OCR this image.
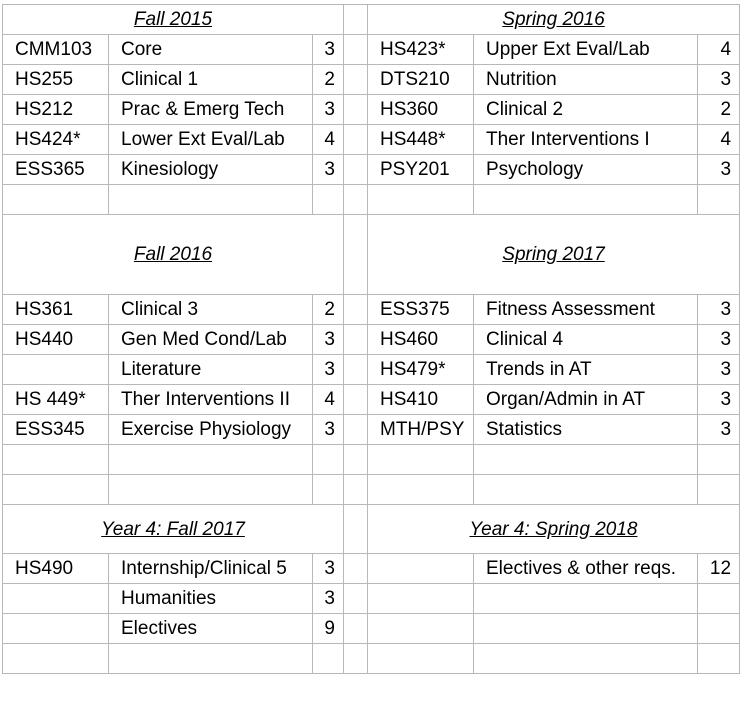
Fall 2015				Spring 2016		
CMM103	Core	3		HS423*	Upper Ext Eval/Lab	4
HS255	Clinical 1	2		DTS210	Nutrition	3
HS212	Prac & Emerg Tech	3		HS360	Clinical 2	2
HS424*	Lower Ext Eval/Lab	4		HS448*	Ther Interventions I	4
ESS365	Kinesiology	3		PSY201	Psychology	3

Fall 2016				Spring 2017		
HS361	Clinical 3	2		ESS375	Fitness Assessment	3
HS440	Gen Med Cond/Lab	3		HS460	Clinical 4	3
	Literature	3		HS479*	Trends in AT	3
HS 449*	Ther Interventions II	4		HS410	Organ/Admin in AT	3
ESS345	Exercise Physiology	3		MTH/PSY	Statistics	3

Year 4: Fall 2017				Year 4: Spring 2018		
HS490	Internship/Clinical 5	3			Electives & other reqs.	12
	Humanities	3				
	Electives	9				
